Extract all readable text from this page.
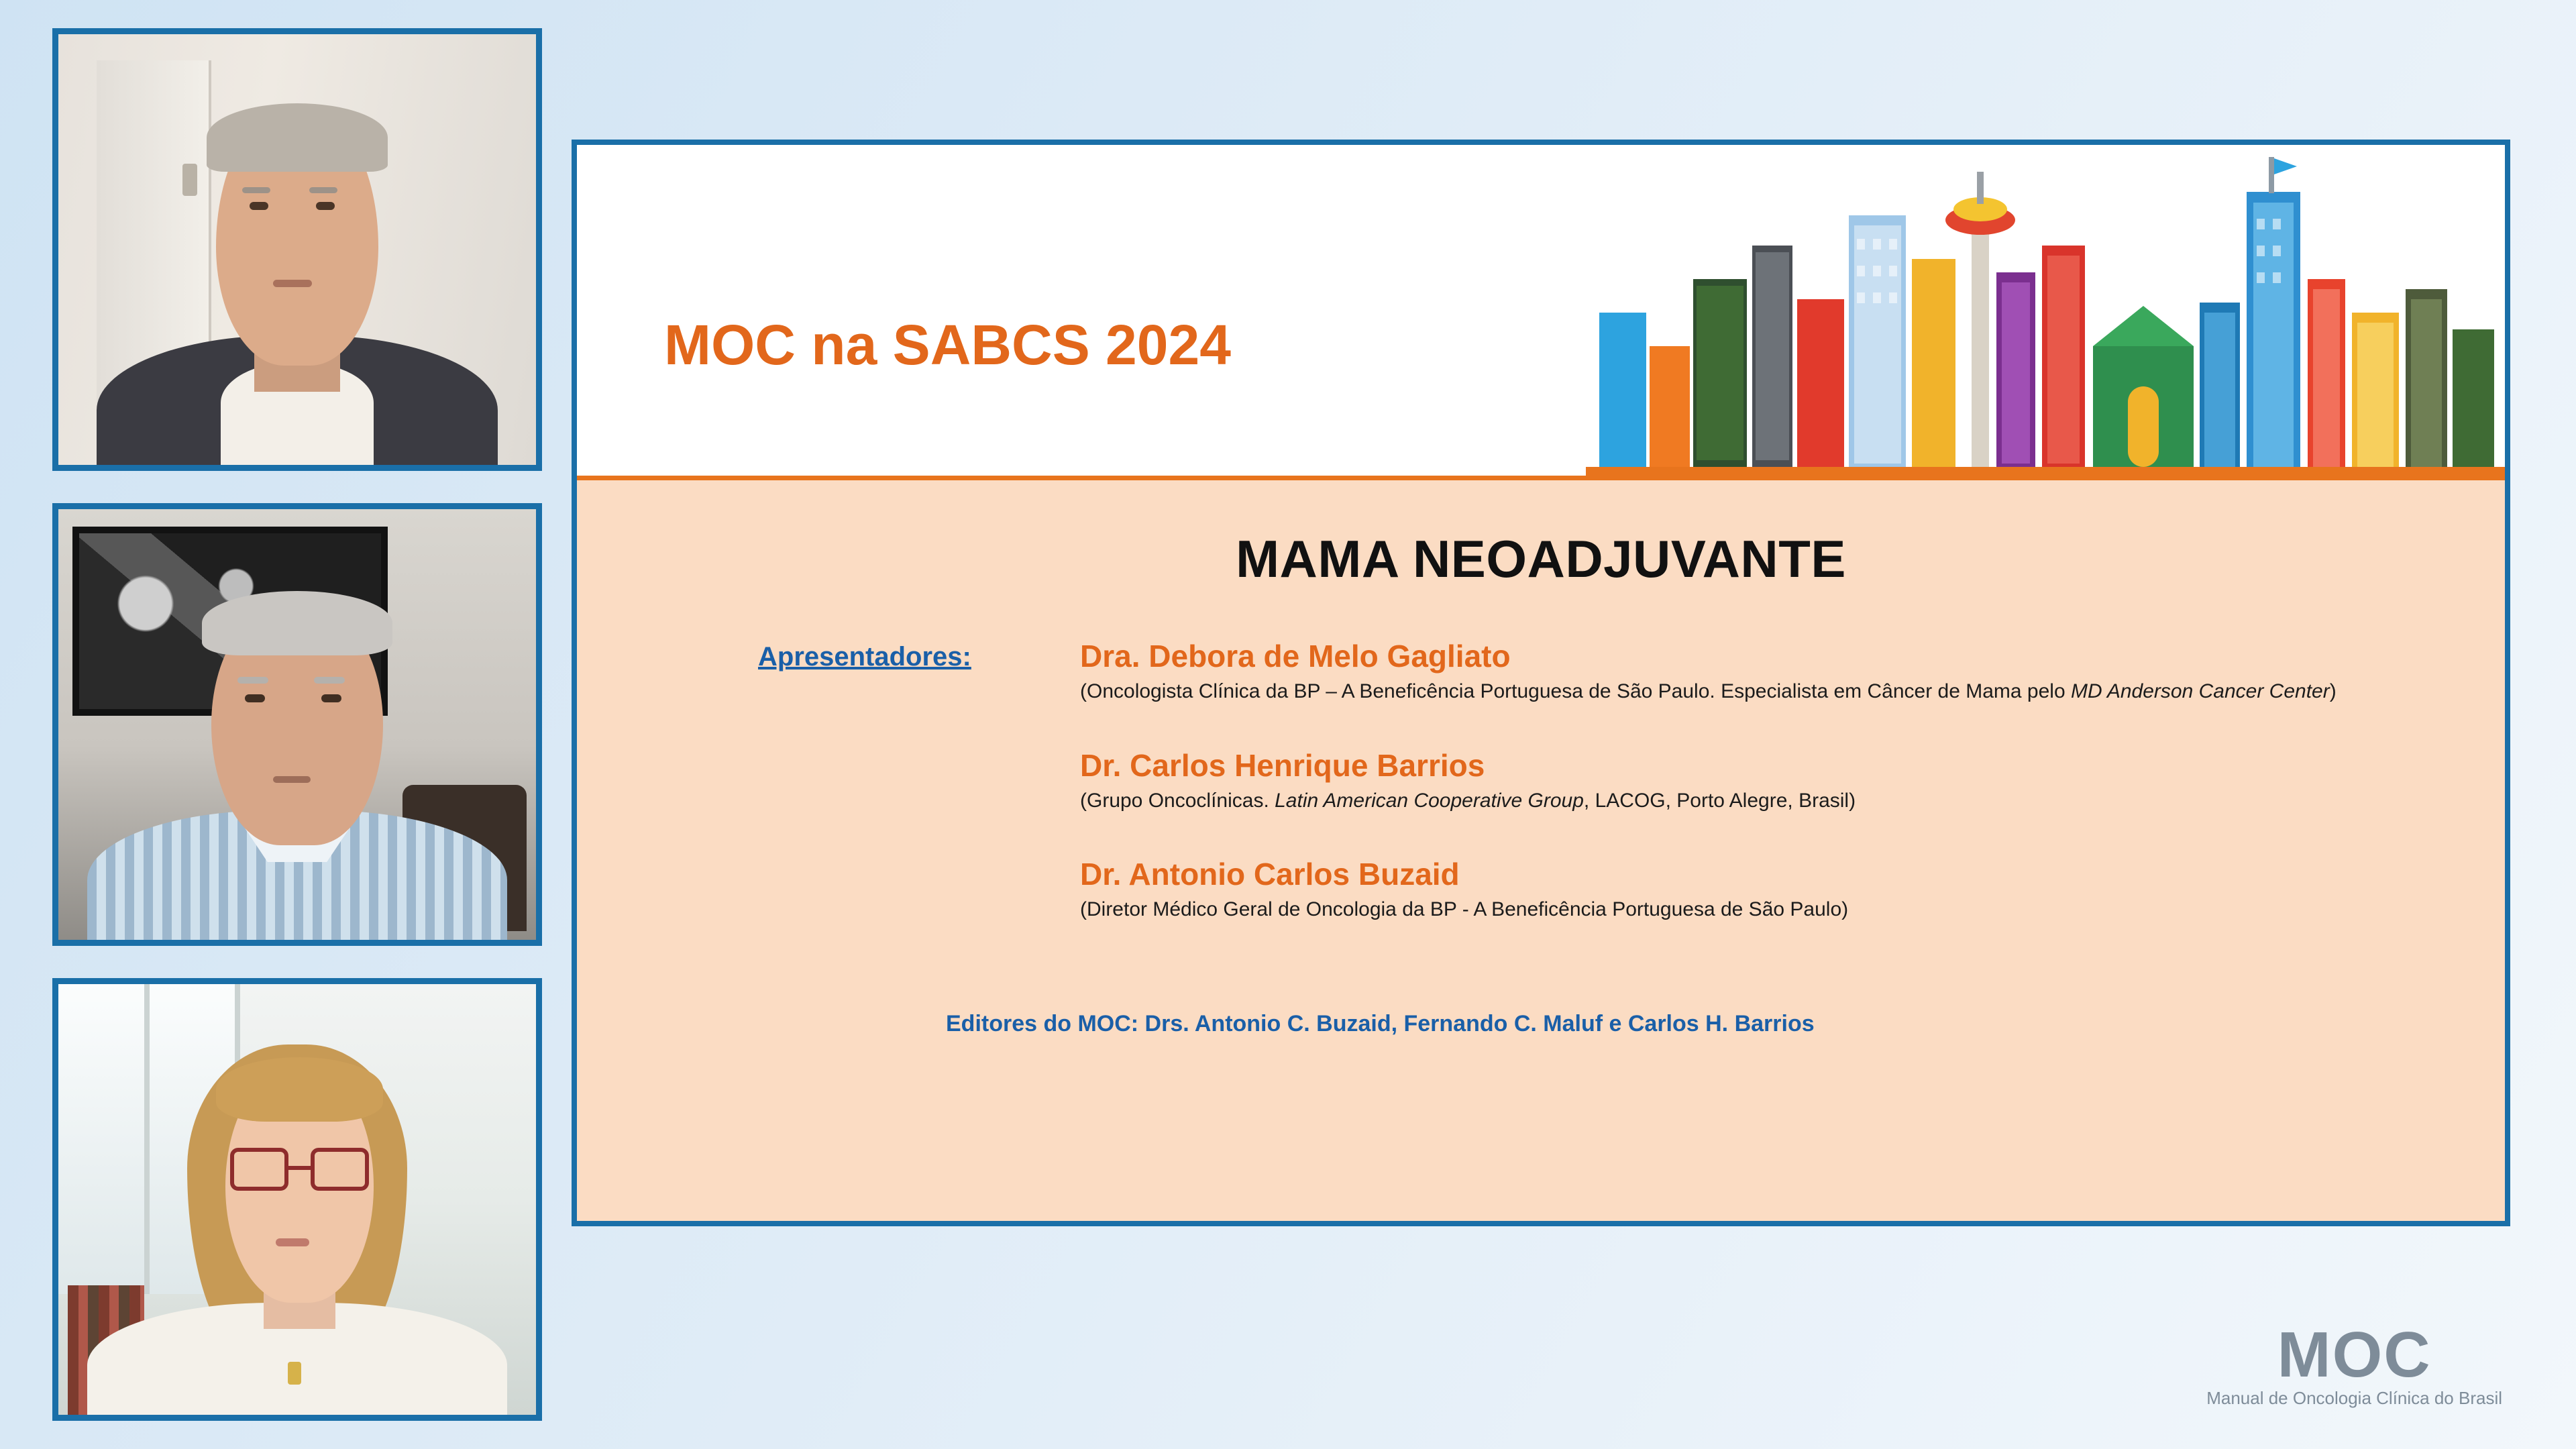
MOC na SABCS 2024
MAMA NEOADJUVANTE
Apresentadores:	Dra. Debora de Melo Gagliato
(Oncologista Clínica da BP – A Beneficência Portuguesa de São Paulo. Especialista em Câncer de Mama pelo MD Anderson Cancer Center)
Dr. Carlos Henrique Barrios
(Grupo Oncoclínicas. Latin American Cooperative Group, LACOG, Porto Alegre, Brasil)
Dr. Antonio Carlos Buzaid
(Diretor Médico Geral de Oncologia da BP - A Beneficência Portuguesa de São Paulo)
Editores do MOC: Drs. Antonio C. Buzaid, Fernando C. Maluf e Carlos H. Barrios
MOC
Manual de Oncologia Clínica do Brasil
